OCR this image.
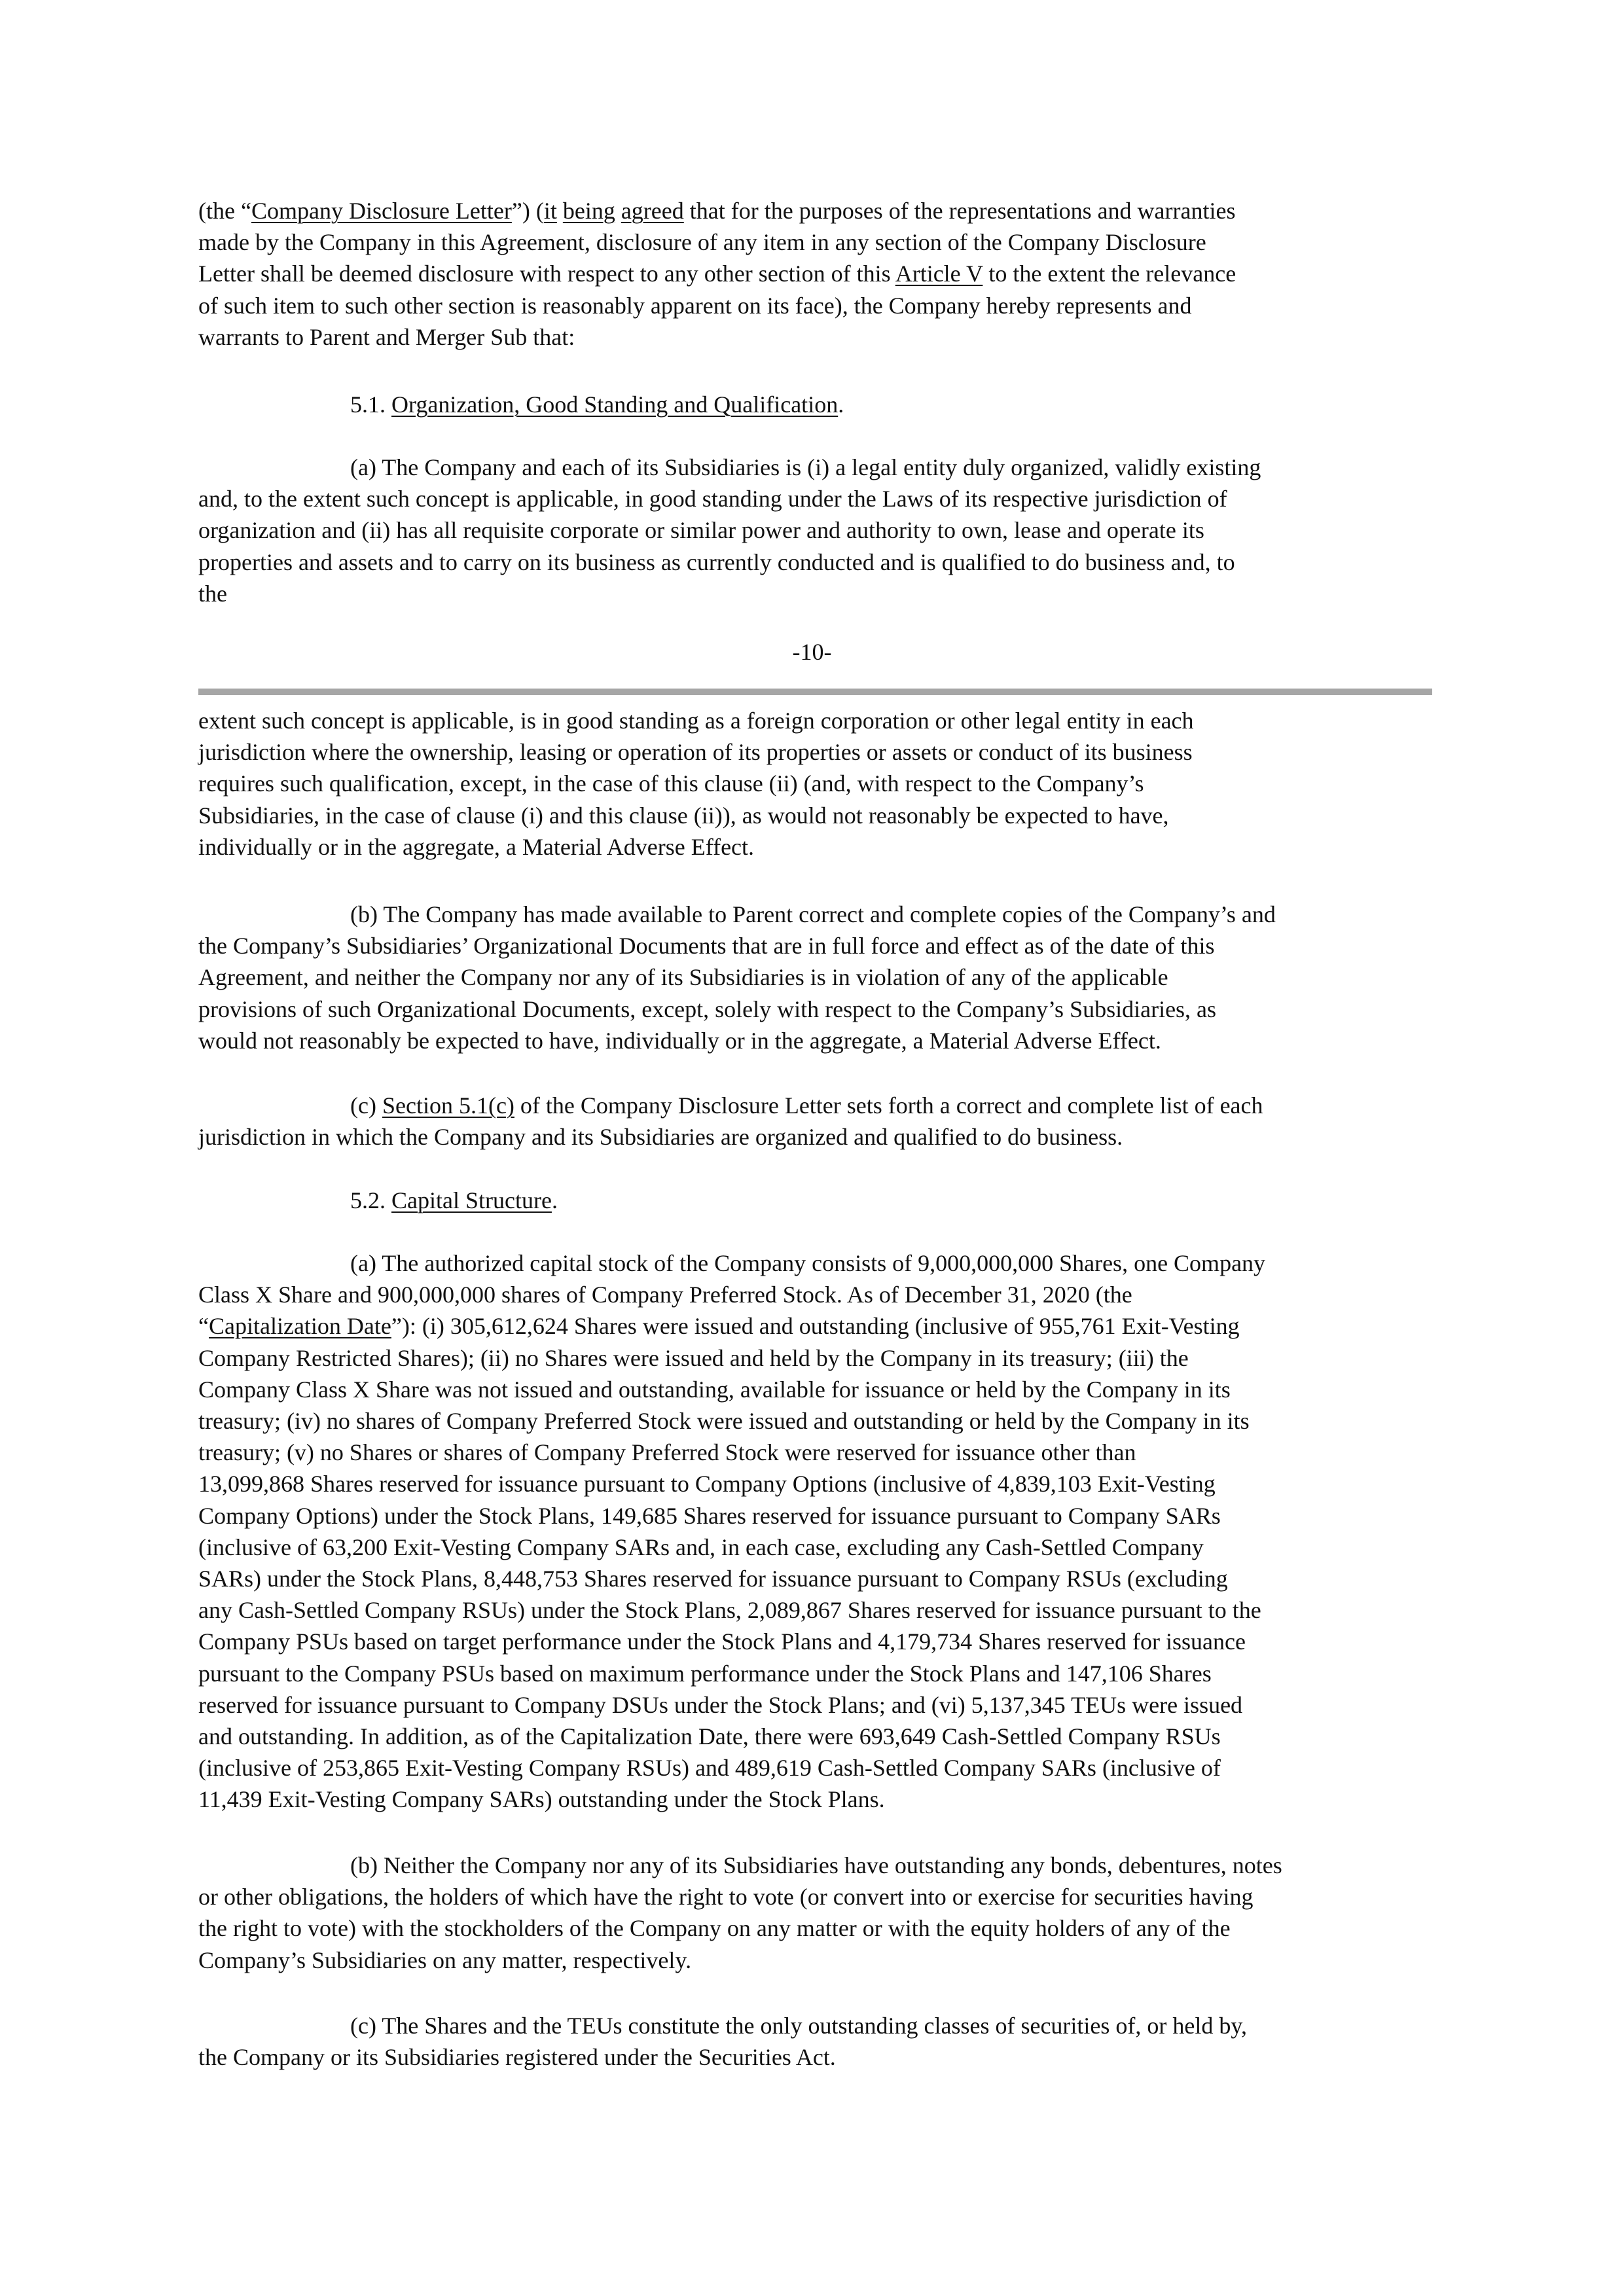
(the “Company Disclosure Letter”) (it being agreed that for the purposes of the representations and warranties
made by the Company in this Agreement, disclosure of any item in any section of the Company Disclosure
Letter shall be deemed disclosure with respect to any other section of this Article V to the extent the relevance
of such item to such other section is reasonably apparent on its face), the Company hereby represents and
warrants to Parent and Merger Sub that:

5.1. Organization, Good Standing and Qualification.

(a) The Company and each of its Subsidiaries is (i) a legal entity duly organized, validly existing
and, to the extent such concept is applicable, in good standing under the Laws of its respective jurisdiction of
organization and (ii) has all requisite corporate or similar power and authority to own, lease and operate its
properties and assets and to carry on its business as currently conducted and is qualified to do business and, to
the

-10-

extent such concept is applicable, is in good standing as a foreign corporation or other legal entity in each
jurisdiction where the ownership, leasing or operation of its properties or assets or conduct of its business
requires such qualification, except, in the case of this clause (ii) (and, with respect to the Company’s
Subsidiaries, in the case of clause (i) and this clause (ii)), as would not reasonably be expected to have,
individually or in the aggregate, a Material Adverse Effect.

(b) The Company has made available to Parent correct and complete copies of the Company’s and
the Company’s Subsidiaries’ Organizational Documents that are in full force and effect as of the date of this
Agreement, and neither the Company nor any of its Subsidiaries is in violation of any of the applicable
provisions of such Organizational Documents, except, solely with respect to the Company’s Subsidiaries, as
would not reasonably be expected to have, individually or in the aggregate, a Material Adverse Effect.

(c) Section 5.1(c) of the Company Disclosure Letter sets forth a correct and complete list of each
jurisdiction in which the Company and its Subsidiaries are organized and qualified to do business.

5.2. Capital Structure.

(a) The authorized capital stock of the Company consists of 9,000,000,000 Shares, one Company
Class X Share and 900,000,000 shares of Company Preferred Stock. As of December 31, 2020 (the
“Capitalization Date”): (i) 305,612,624 Shares were issued and outstanding (inclusive of 955,761 Exit-Vesting
Company Restricted Shares); (ii) no Shares were issued and held by the Company in its treasury; (iii) the
Company Class X Share was not issued and outstanding, available for issuance or held by the Company in its
treasury; (iv) no shares of Company Preferred Stock were issued and outstanding or held by the Company in its
treasury; (v) no Shares or shares of Company Preferred Stock were reserved for issuance other than
13,099,868 Shares reserved for issuance pursuant to Company Options (inclusive of 4,839,103 Exit-Vesting
Company Options) under the Stock Plans, 149,685 Shares reserved for issuance pursuant to Company SARs
(inclusive of 63,200 Exit-Vesting Company SARs and, in each case, excluding any Cash-Settled Company
SARs) under the Stock Plans, 8,448,753 Shares reserved for issuance pursuant to Company RSUs (excluding
any Cash-Settled Company RSUs) under the Stock Plans, 2,089,867 Shares reserved for issuance pursuant to the
Company PSUs based on target performance under the Stock Plans and 4,179,734 Shares reserved for issuance
pursuant to the Company PSUs based on maximum performance under the Stock Plans and 147,106 Shares
reserved for issuance pursuant to Company DSUs under the Stock Plans; and (vi) 5,137,345 TEUs were issued
and outstanding. In addition, as of the Capitalization Date, there were 693,649 Cash-Settled Company RSUs
(inclusive of 253,865 Exit-Vesting Company RSUs) and 489,619 Cash-Settled Company SARs (inclusive of
11,439 Exit-Vesting Company SARs) outstanding under the Stock Plans.

(b) Neither the Company nor any of its Subsidiaries have outstanding any bonds, debentures, notes
or other obligations, the holders of which have the right to vote (or convert into or exercise for securities having
the right to vote) with the stockholders of the Company on any matter or with the equity holders of any of the
Company’s Subsidiaries on any matter, respectively.

(c) The Shares and the TEUs constitute the only outstanding classes of securities of, or held by,
the Company or its Subsidiaries registered under the Securities Act.
